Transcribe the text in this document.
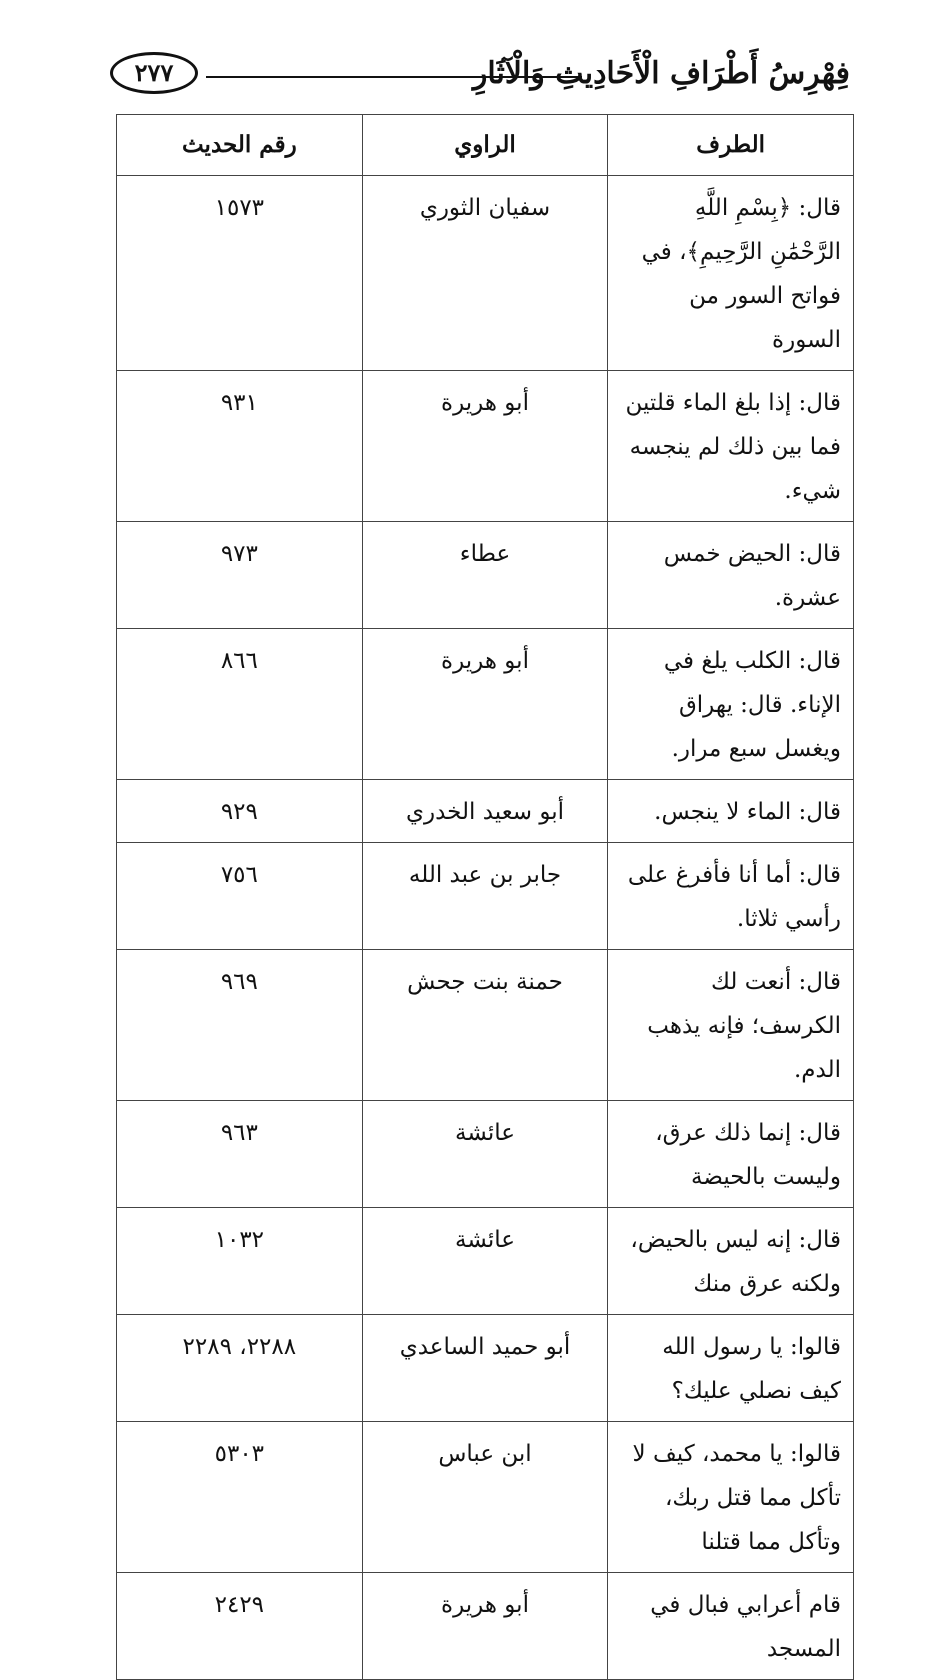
فِهْرِسُ أَطْرَافِ الْأَحَادِيثِ وَالْآثَارِ
٢٧٧
الطرف	الراوي	رقم الحديث
قال: ﴿بِسْمِ اللَّهِ الرَّحْمَٰنِ الرَّحِيمِ﴾، في فواتح السور من السورة	سفيان الثوري	١٥٧٣
قال: إذا بلغ الماء قلتين فما بين ذلك لم ينجسه شيء.	أبو هريرة	٩٣١
قال: الحيض خمس عشرة.	عطاء	٩٧٣
قال: الكلب يلغ في الإناء. قال: يهراق ويغسل سبع مرار.	أبو هريرة	٨٦٦
قال: الماء لا ينجس.	أبو سعيد الخدري	٩٢٩
قال: أما أنا فأفرغ على رأسي ثلاثا.	جابر بن عبد الله	٧٥٦
قال: أنعت لك الكرسف؛ فإنه يذهب الدم.	حمنة بنت جحش	٩٦٩
قال: إنما ذلك عرق، وليست بالحيضة	عائشة	٩٦٣
قال: إنه ليس بالحيض، ولكنه عرق منك	عائشة	١٠٣٢
قالوا: يا رسول الله كيف نصلي عليك؟	أبو حميد الساعدي	٢٢٨٨، ٢٢٨٩
قالوا: يا محمد، كيف لا تأكل مما قتل ربك، وتأكل مما قتلنا	ابن عباس	٥٣٠٣
قام أعرابي فبال في المسجد	أبو هريرة	٢٤٢٩
